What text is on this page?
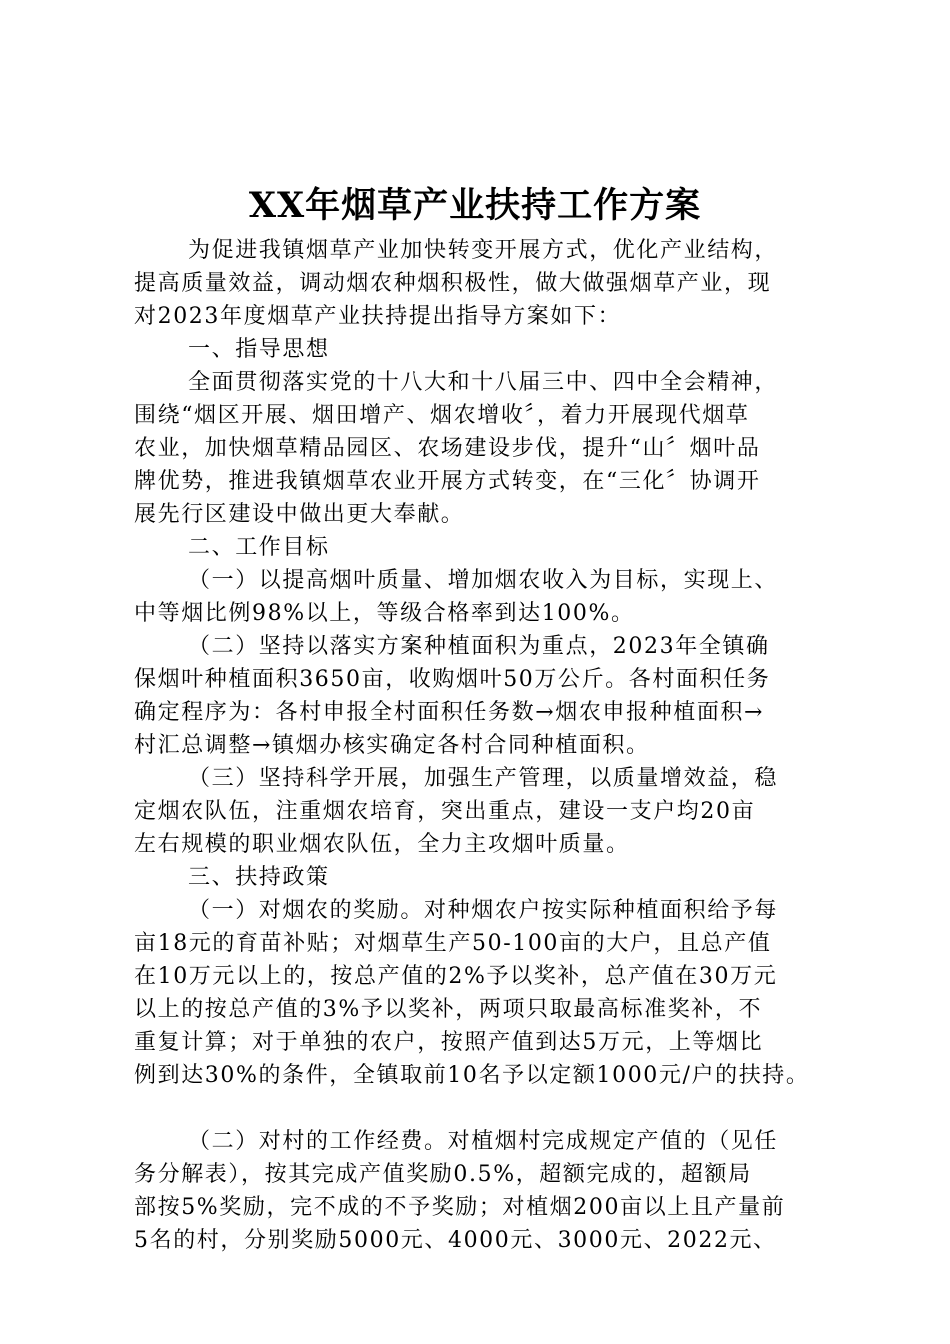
XX年烟草产业扶持工作方案
为促进我镇烟草产业加快转变开展方式，优化产业结构，
提高质量效益，调动烟农种烟积极性，做大做强烟草产业，现
对2023年度烟草产业扶持提出指导方案如下：
一、指导思想
全面贯彻落实党的十八大和十八届三中、四中全会精神，
围绕“烟区开展、烟田增产、烟农增收〞，着力开展现代烟草
农业，加快烟草精品园区、农场建设步伐，提升“山〞烟叶品
牌优势，推进我镇烟草农业开展方式转变，在“三化〞协调开
展先行区建设中做出更大奉献。
二、工作目标
（一）以提高烟叶质量、增加烟农收入为目标，实现上、
中等烟比例98%以上，等级合格率到达100%。
（二）坚持以落实方案种植面积为重点，2023年全镇确
保烟叶种植面积3650亩，收购烟叶50万公斤。各村面积任务
确定程序为：各村申报全村面积任务数→烟农申报种植面积→
村汇总调整→镇烟办核实确定各村合同种植面积。
（三）坚持科学开展，加强生产管理，以质量增效益，稳
定烟农队伍，注重烟农培育，突出重点，建设一支户均20亩
左右规模的职业烟农队伍，全力主攻烟叶质量。
三、扶持政策
（一）对烟农的奖励。对种烟农户按实际种植面积给予每
亩18元的育苗补贴；对烟草生产50-100亩的大户，且总产值
在10万元以上的，按总产值的2%予以奖补，总产值在30万元
以上的按总产值的3%予以奖补，两项只取最高标准奖补，不
重复计算；对于单独的农户，按照产值到达5万元，上等烟比
例到达30%的条件，全镇取前10名予以定额1000元/户的扶持。
（二）对村的工作经费。对植烟村完成规定产值的（见任
务分解表），按其完成产值奖励0.5%，超额完成的，超额局
部按5%奖励，完不成的不予奖励；对植烟200亩以上且产量前
5名的村，分别奖励5000元、4000元、3000元、2022元、
